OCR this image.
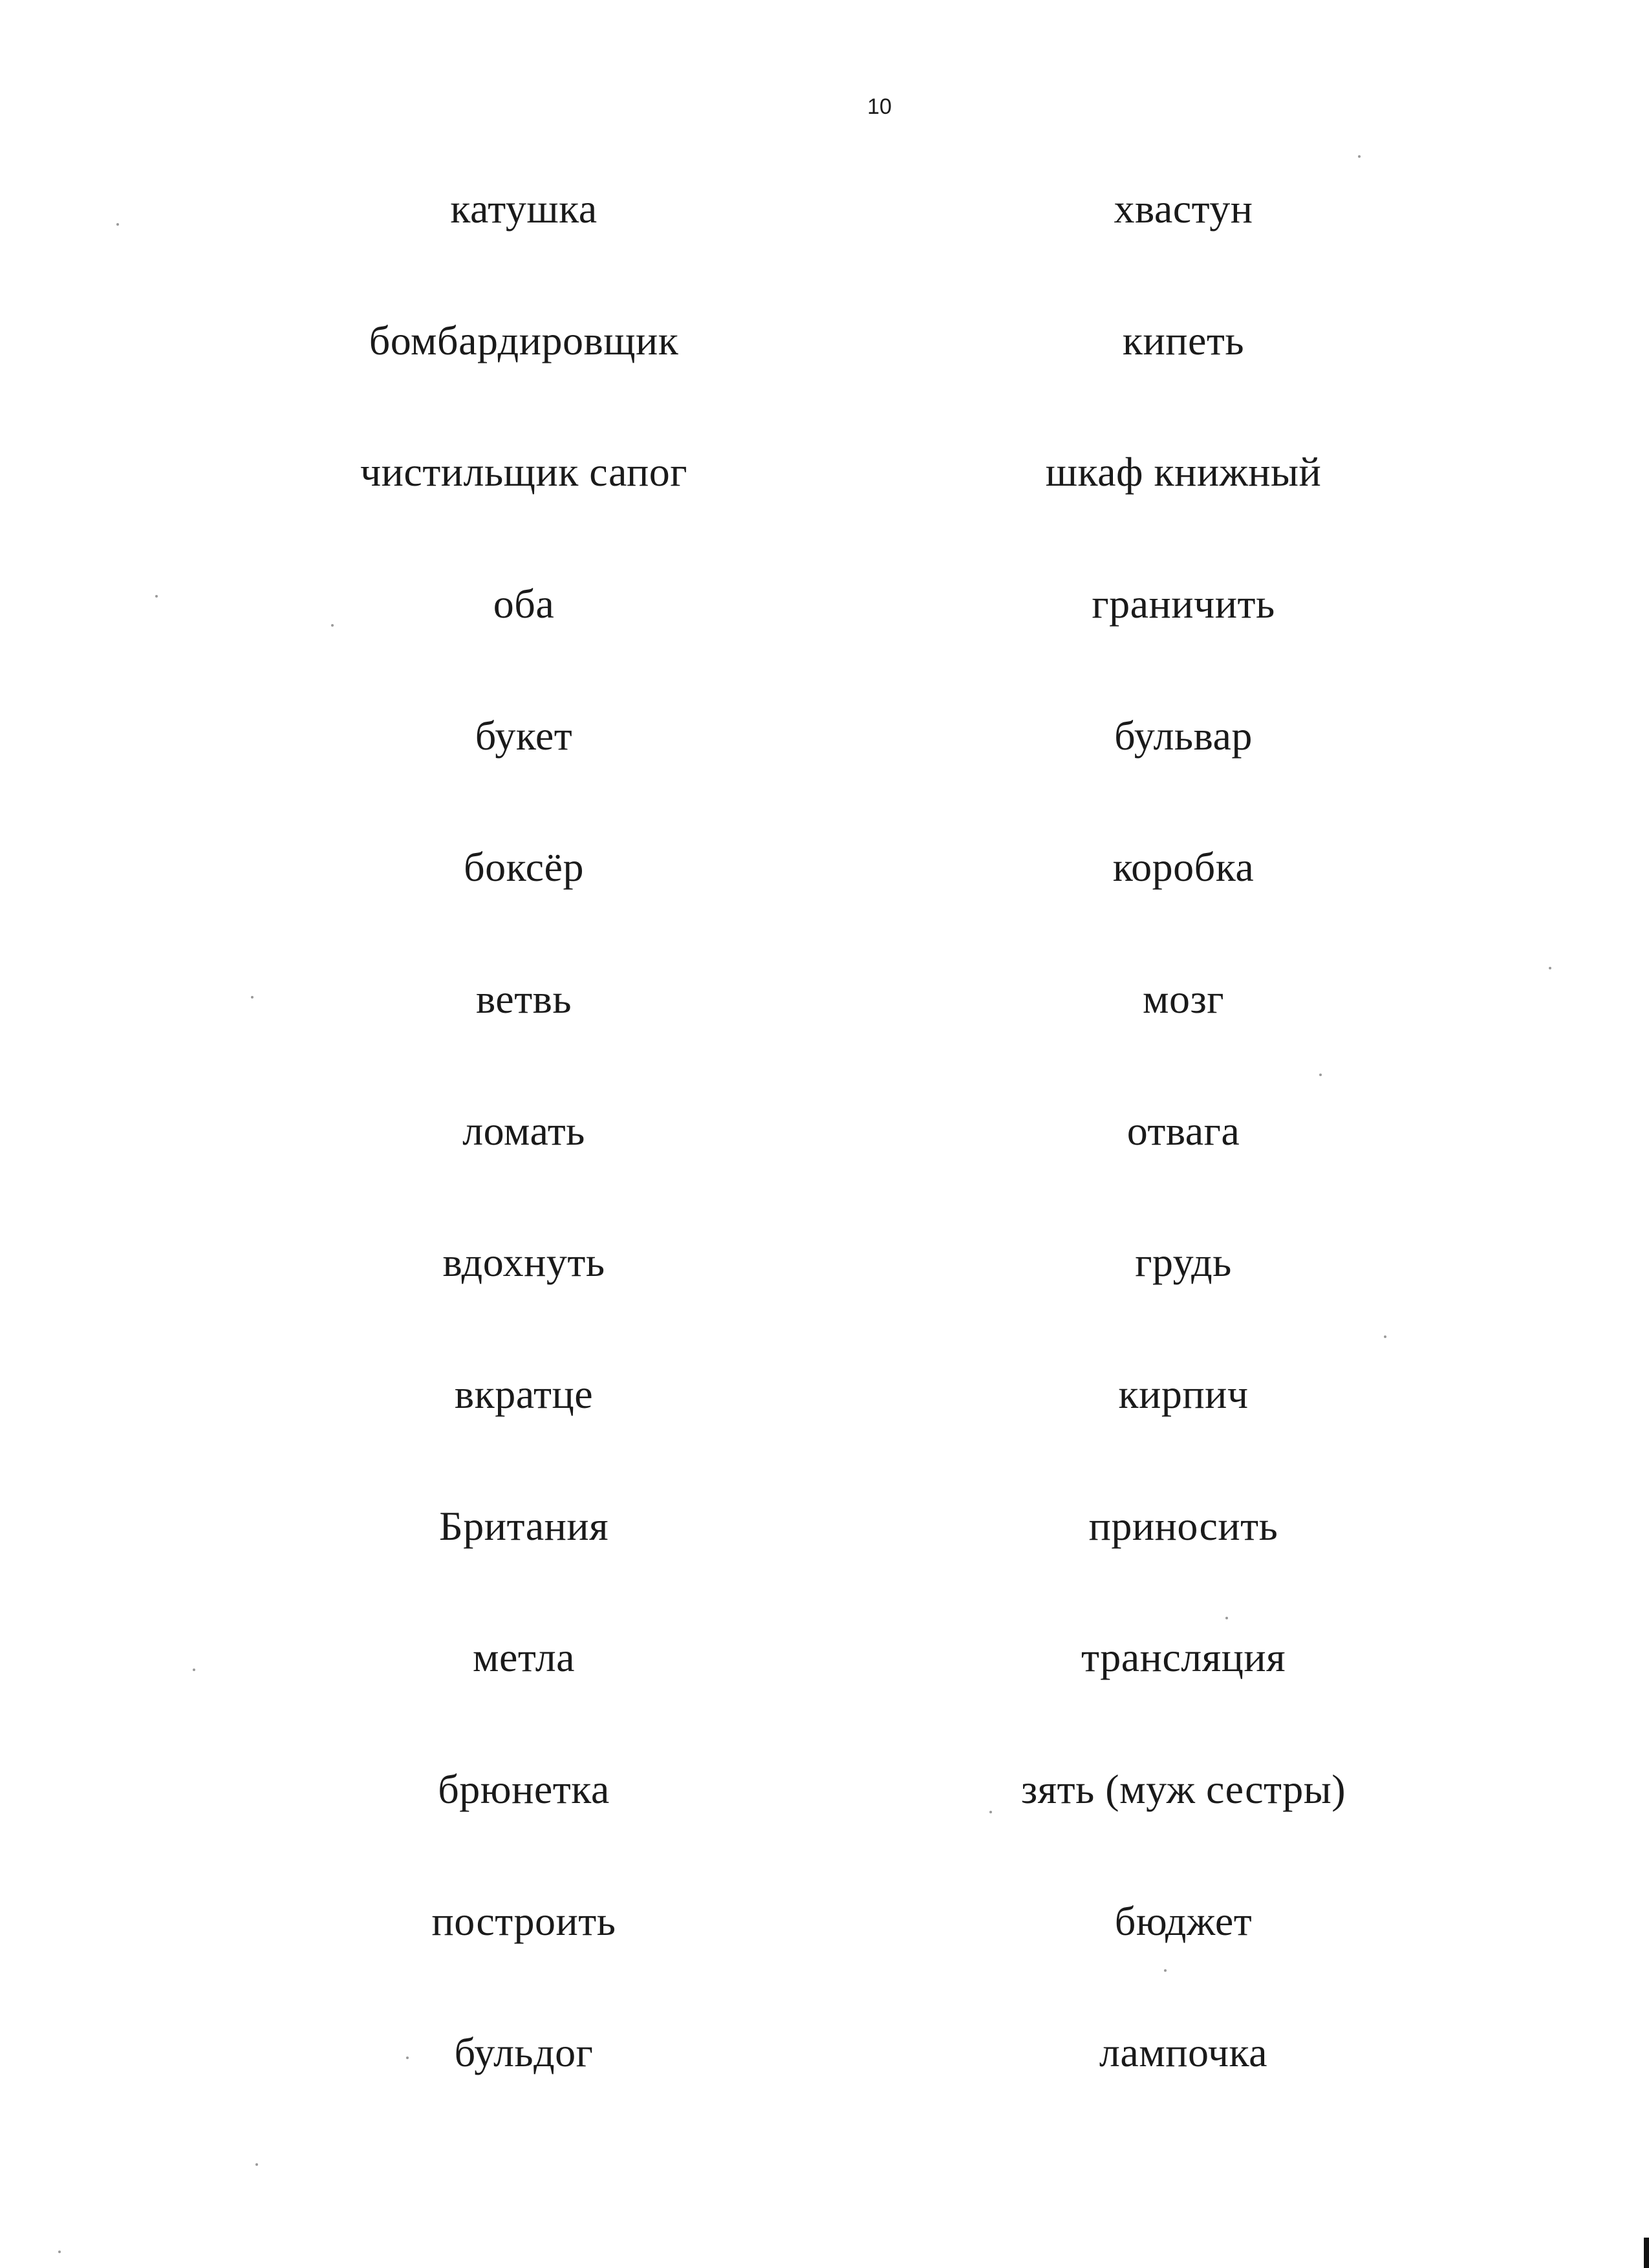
10
катушка
бомбардировщик
чистильщик сапог
оба
букет
боксёр
ветвь
ломать
вдохнуть
вкратце
Британия
метла
брюнетка
построить
бульдог
хвастун
кипеть
шкаф книжный
граничить
бульвар
коробка
мозг
отвага
грудь
кирпич
приносить
трансляция
зять (муж сестры)
бюджет
лампочка
